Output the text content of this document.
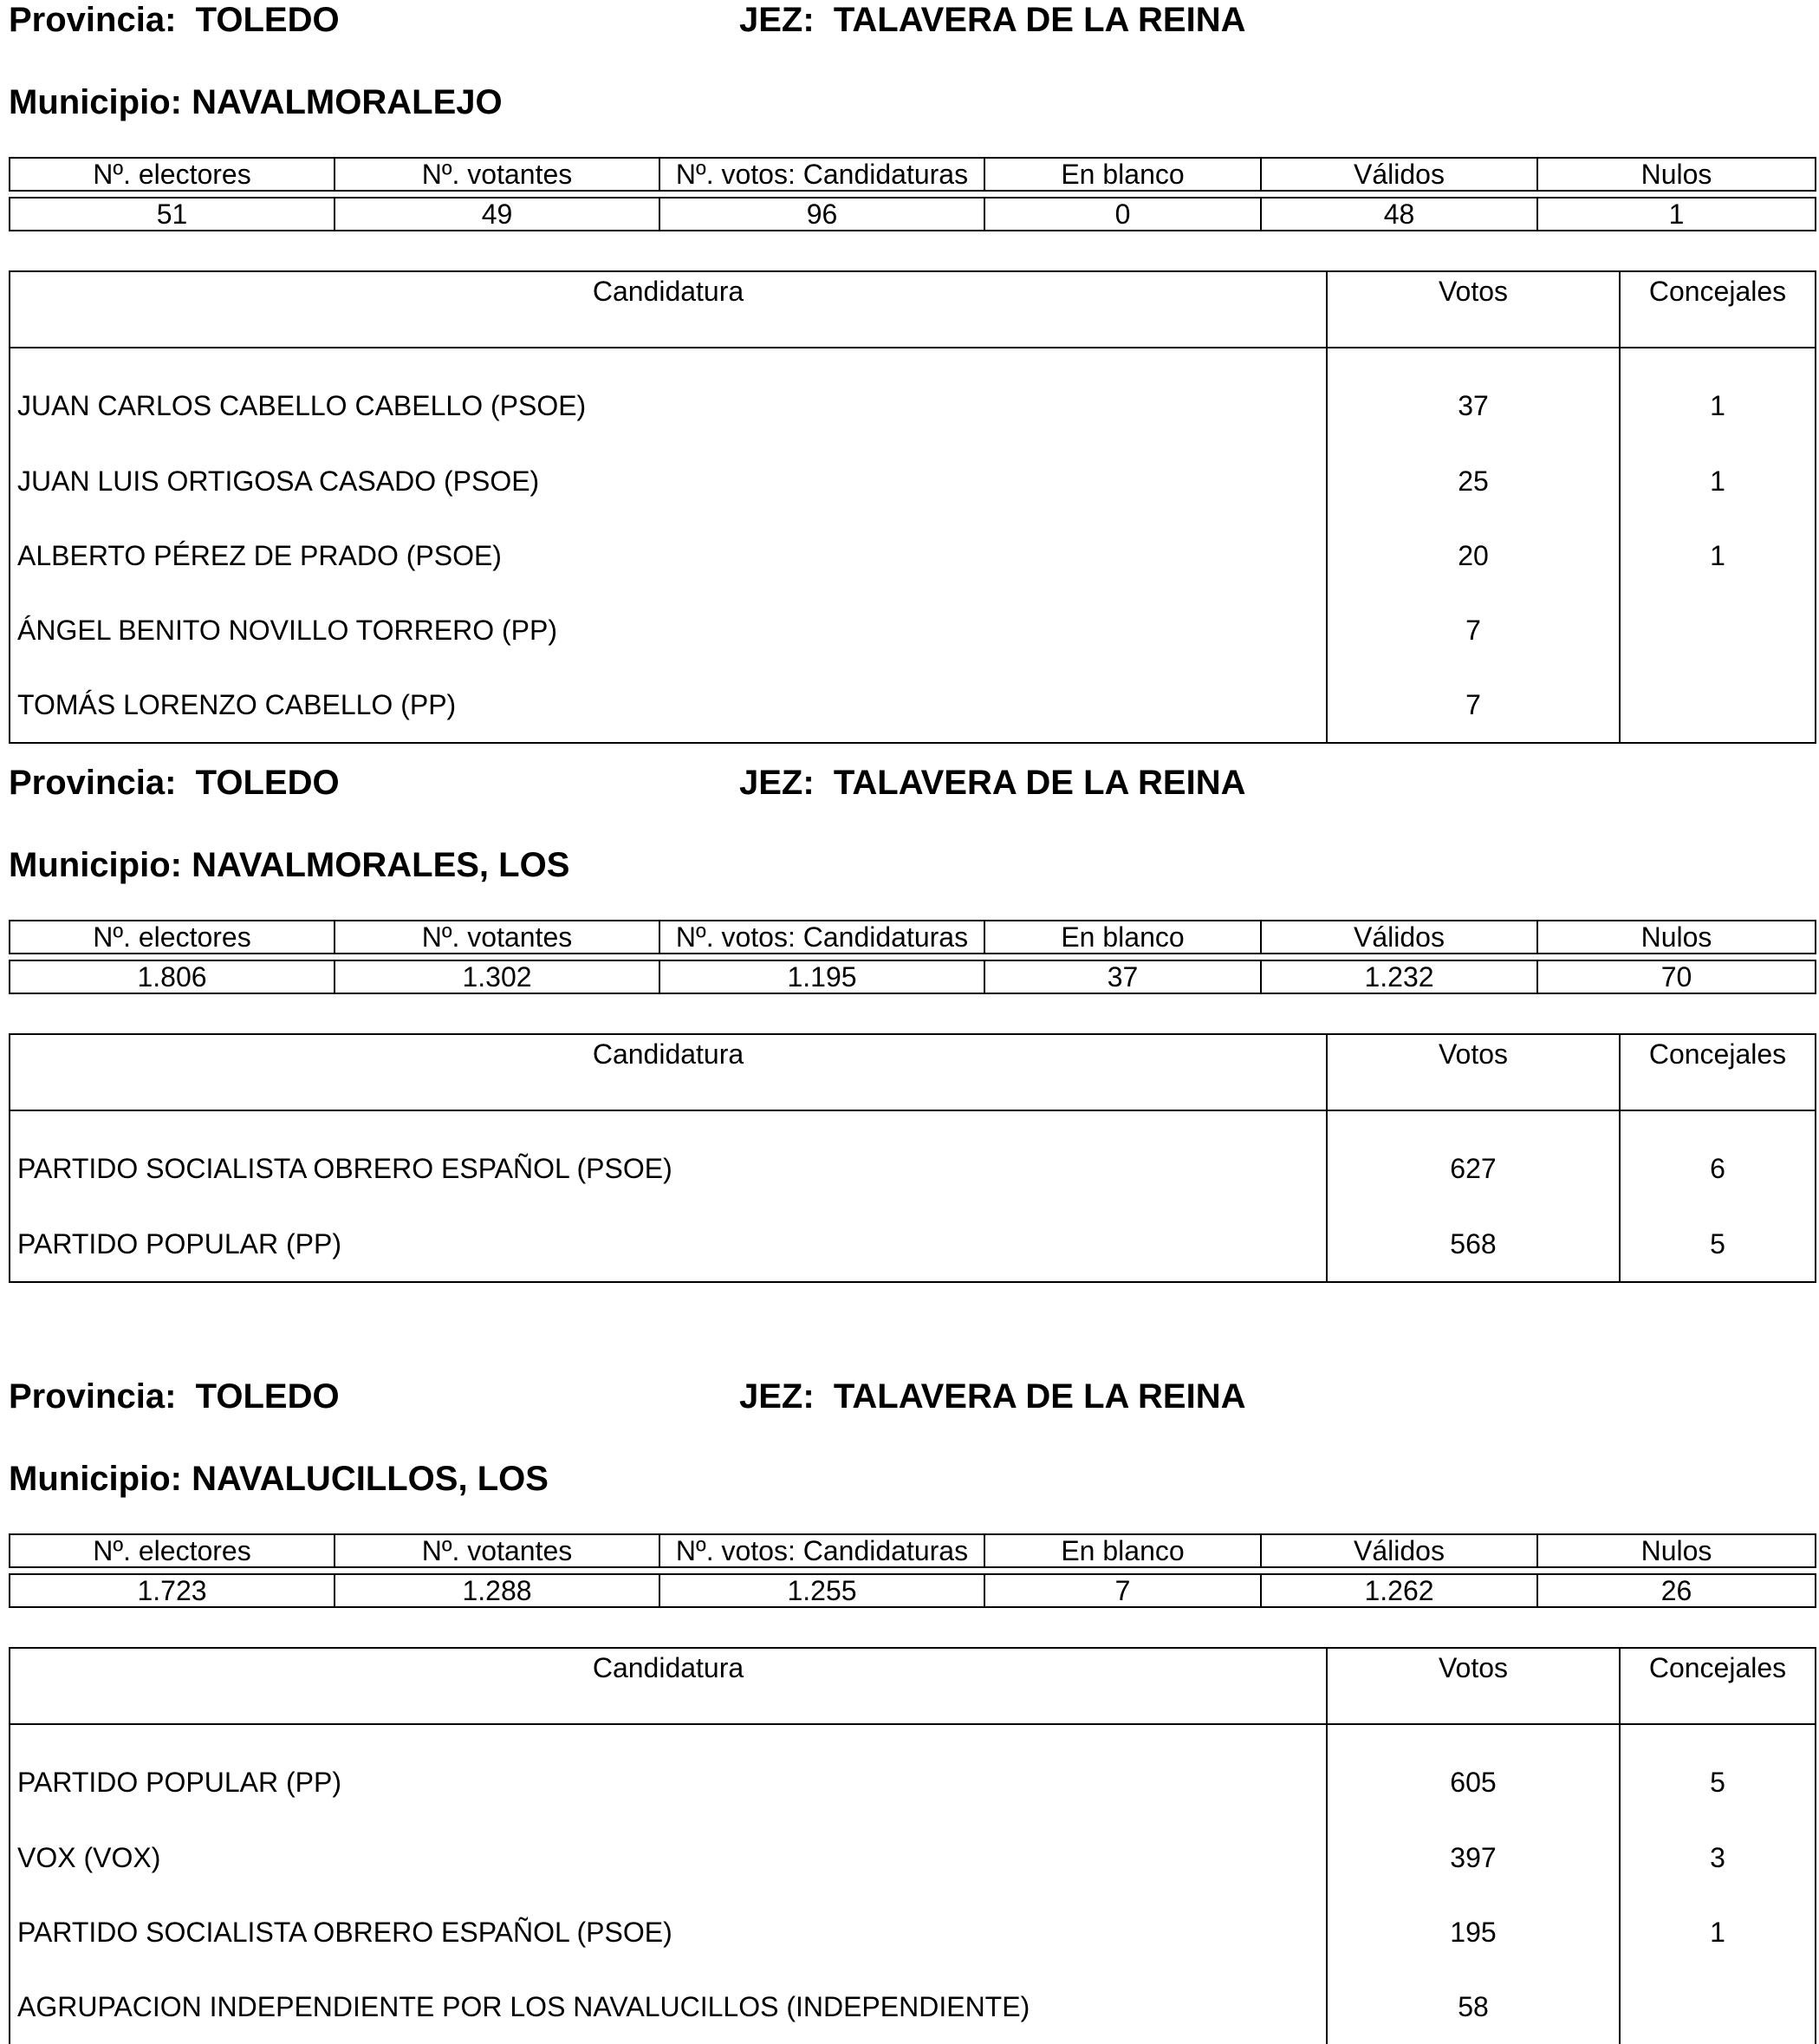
Provincia: TOLEDO	JEZ: TALAVERA DE LA REINA
Municipio: NAVALMORALEJO
Nº. electores	Nº. votantes	Nº. votos: Candidaturas	En blanco	Válidos	Nulos

51	49	96	0	48	1
Candidatura	Votos	Concejales
JUAN CARLOS CABELLO CABELLO (PSOE)	37	1
JUAN LUIS ORTIGOSA CASADO (PSOE)	25	1
ALBERTO PÉREZ DE PRADO (PSOE)	20	1
ÁNGEL BENITO NOVILLO TORRERO (PP)	7	
TOMÁS LORENZO CABELLO (PP)	7	
Provincia: TOLEDO	JEZ: TALAVERA DE LA REINA
Municipio: NAVALMORALES, LOS
Nº. electores	Nº. votantes	Nº. votos: Candidaturas	En blanco	Válidos	Nulos

1.806	1.302	1.195	37	1.232	70
Candidatura	Votos	Concejales
PARTIDO SOCIALISTA OBRERO ESPAÑOL (PSOE)	627	6
PARTIDO POPULAR (PP)	568	5
Provincia: TOLEDO	JEZ: TALAVERA DE LA REINA
Municipio: NAVALUCILLOS, LOS
Nº. electores	Nº. votantes	Nº. votos: Candidaturas	En blanco	Válidos	Nulos

1.723	1.288	1.255	7	1.262	26
Candidatura	Votos	Concejales
PARTIDO POPULAR (PP)	605	5
VOX (VOX)	397	3
PARTIDO SOCIALISTA OBRERO ESPAÑOL (PSOE)	195	1
AGRUPACION INDEPENDIENTE POR LOS NAVALUCILLOS (INDEPENDIENTE)	58	
